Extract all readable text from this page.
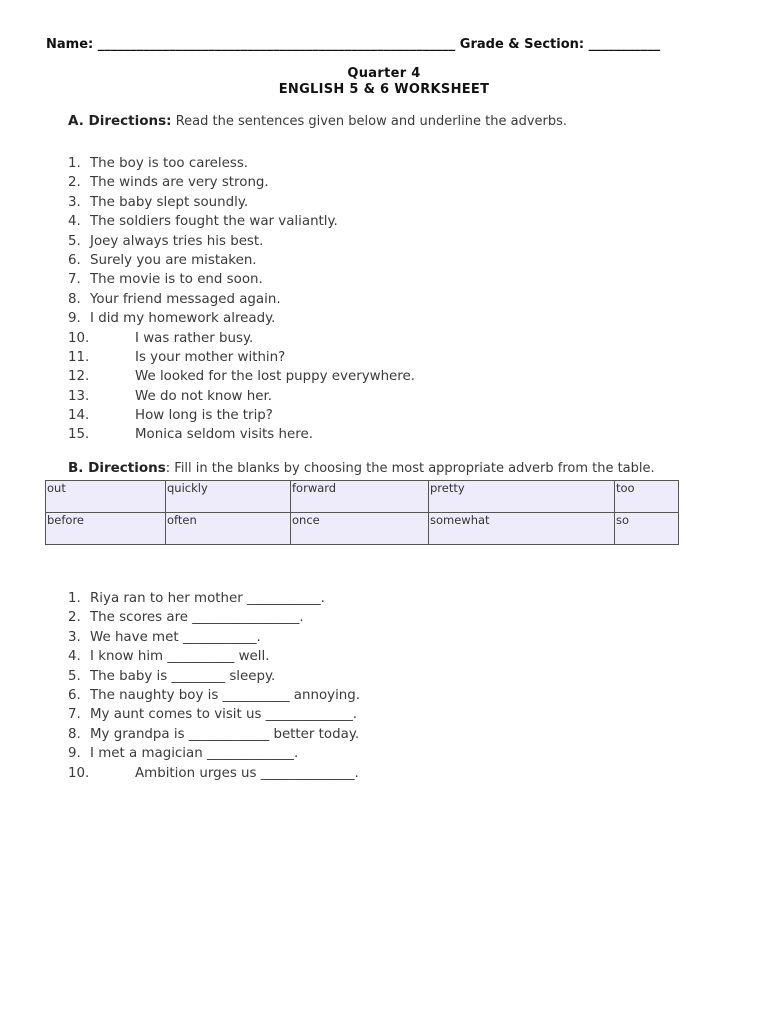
Name: _______________________________________________________ Grade & Section: ___________
Quarter 4
ENGLISH 5 & 6 WORKSHEET
A. Directions: Read the sentences given below and underline the adverbs.
1. The boy is too careless.
2. The winds are very strong.
3. The baby slept soundly.
4. The soldiers fought the war valiantly.
5. Joey always tries his best.
6. Surely you are mistaken.
7. The movie is to end soon.
8. Your friend messaged again.
9. I did my homework already.
10.	I was rather busy.
11.	Is your mother within?
12.	We looked for the lost puppy everywhere.
13.	We do not know her.
14.	How long is the trip?
15.	Monica seldom visits here.
B. Directions: Fill in the blanks by choosing the most appropriate adverb from the table.
out	quickly	forward	pretty	too
before	often	once	somewhat	so
1. Riya ran to her mother ___________.
2. The scores are ________________.
3. We have met ___________.
4. I know him __________ well.
5. The baby is ________ sleepy.
6. The naughty boy is __________ annoying.
7. My aunt comes to visit us _____________.
8. My grandpa is ____________ better today.
9. I met a magician _____________.
10.	Ambition urges us ______________.
